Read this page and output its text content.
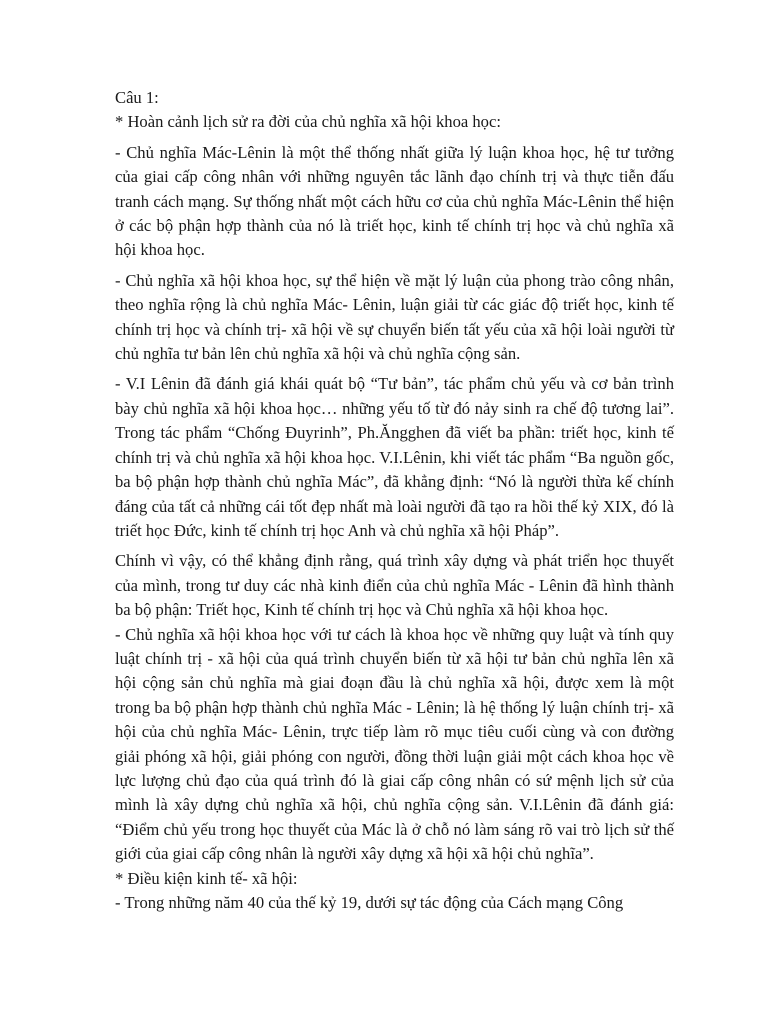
Câu 1:

* Hoàn cảnh lịch sử ra đời của chủ nghĩa xã hội khoa học:

- Chủ nghĩa Mác-Lênin là một thể thống nhất giữa lý luận khoa học, hệ tư tưởng của giai cấp công nhân với những nguyên tắc lãnh đạo chính trị và thực tiễn đấu tranh cách mạng. Sự thống nhất một cách hữu cơ của chủ nghĩa Mác-Lênin thể hiện ở các bộ phận hợp thành của nó là triết học, kinh tế chính trị học và chủ nghĩa xã hội khoa học.

- Chủ nghĩa xã hội khoa học, sự thể hiện về mặt lý luận của phong trào công nhân, theo nghĩa rộng là chủ nghĩa Mác- Lênin, luận giải từ các giác độ triết học, kinh tế chính trị học và chính trị- xã hội về sự chuyển biến tất yếu của xã hội loài người từ chủ nghĩa tư bản lên chủ nghĩa xã hội và chủ nghĩa cộng sản.

- V.I Lênin đã đánh giá khái quát bộ “Tư bản”, tác phẩm chủ yếu và cơ bản trình bày chủ nghĩa xã hội khoa học… những yếu tố từ đó nảy sinh ra chế độ tương lai”. Trong tác phẩm “Chống Đuyrinh”, Ph.Ăngghen đã viết ba phần: triết học, kinh tế chính trị và chủ nghĩa xã hội khoa học. V.I.Lênin, khi viết tác phẩm “Ba nguồn gốc, ba bộ phận hợp thành chủ nghĩa Mác”, đã khẳng định: “Nó là người thừa kế chính đáng của tất cả những cái tốt đẹp nhất mà loài người đã tạo ra hồi thế kỷ XIX, đó là triết học Đức, kinh tế chính trị học Anh và chủ nghĩa xã hội Pháp”.

Chính vì vậy, có thể khẳng định rằng, quá trình xây dựng và phát triển học thuyết của mình, trong tư duy các nhà kinh điển của chủ nghĩa Mác - Lênin đã hình thành ba bộ phận: Triết học, Kinh tế chính trị học và Chủ nghĩa xã hội khoa học.

- Chủ nghĩa xã hội khoa học với tư cách là khoa học về những quy luật và tính quy luật chính trị - xã hội của quá trình chuyển biến từ xã hội tư bản chủ nghĩa lên xã hội cộng sản chủ nghĩa mà giai đoạn đầu là chủ nghĩa xã hội, được xem là một trong ba bộ phận hợp thành chủ nghĩa Mác - Lênin; là hệ thống lý luận chính trị- xã hội của chủ nghĩa Mác- Lênin, trực tiếp làm rõ mục tiêu cuối cùng và con đường giải phóng xã hội, giải phóng con người, đồng thời luận giải một cách khoa học về lực lượng chủ đạo của quá trình đó là giai cấp công nhân có sứ mệnh lịch sử của mình là xây dựng chủ nghĩa xã hội, chủ nghĩa cộng sản. V.I.Lênin đã đánh giá: “Điểm chủ yếu trong học thuyết của Mác là ở chỗ nó làm sáng rõ vai trò lịch sử thế giới của giai cấp công nhân là người xây dựng xã hội xã hội chủ nghĩa”.

* Điều kiện kinh tế- xã hội:

- Trong những năm 40 của thế kỷ 19, dưới sự tác động của Cách mạng Công
